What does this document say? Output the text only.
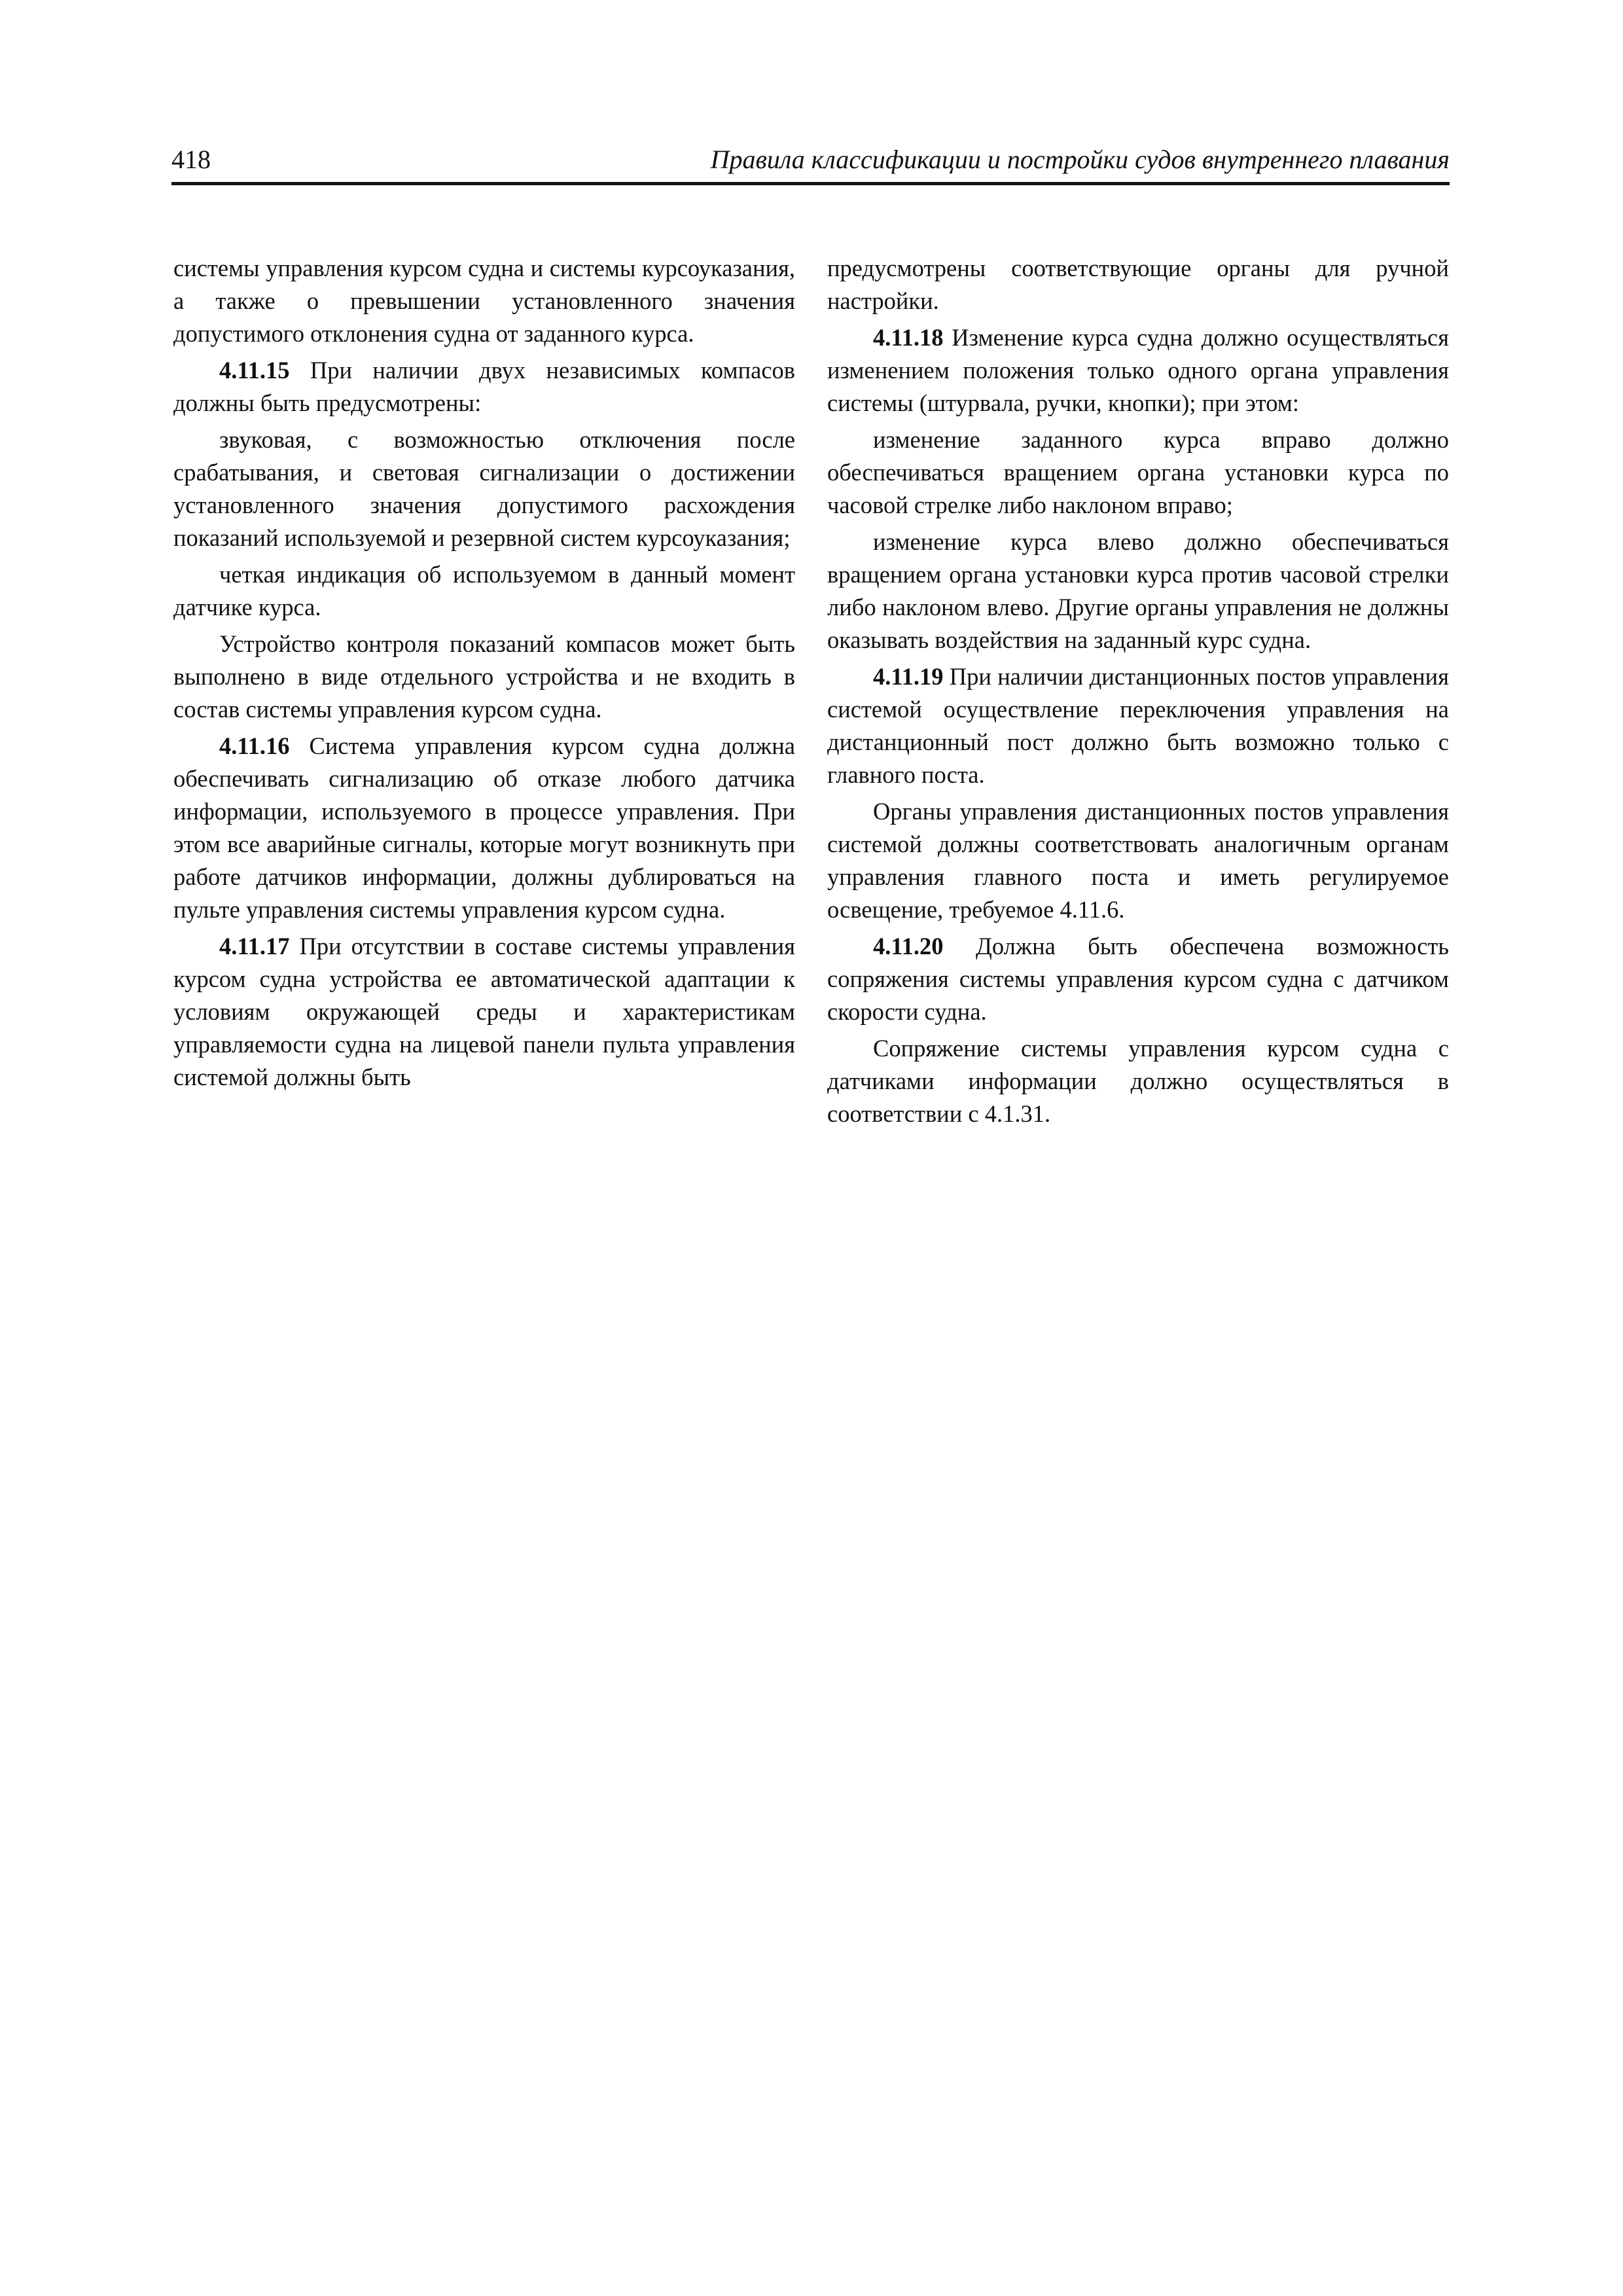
418	Правила классификации и постройки судов внутреннего плавания

системы управления курсом судна и системы курсоуказания, а также о превышении установленного значения допустимого отклонения судна от заданного курса.

4.11.15 При наличии двух независимых компасов должны быть предусмотрены:

звуковая, с возможностью отключения после срабатывания, и световая сигнализации о достижении установленного значения допустимого расхождения показаний используемой и резервной систем курсоуказания;

четкая индикация об используемом в данный момент датчике курса.

Устройство контроля показаний компасов может быть выполнено в виде отдельного устройства и не входить в состав системы управления курсом судна.

4.11.16 Система управления курсом судна должна обеспечивать сигнализацию об отказе любого датчика информации, используемого в процессе управления. При этом все аварийные сигналы, которые могут возникнуть при работе датчиков информации, должны дублироваться на пульте управления системы управления курсом судна.

4.11.17 При отсутствии в составе системы управления курсом судна устройства ее автоматической адаптации к условиям окружающей среды и характеристикам управляемости судна на лицевой панели пульта управления системой должны быть

предусмотрены соответствующие органы для ручной настройки.

4.11.18 Изменение курса судна должно осуществляться изменением положения только одного органа управления системы (штурвала, ручки, кнопки); при этом:

изменение заданного курса вправо должно обеспечиваться вращением органа установки курса по часовой стрелке либо наклоном вправо;

изменение курса влево должно обеспечиваться вращением органа установки курса против часовой стрелки либо наклоном влево. Другие органы управления не должны оказывать воздействия на заданный курс судна.

4.11.19 При наличии дистанционных постов управления системой осуществление переключения управления на дистанционный пост должно быть возможно только с главного поста.

Органы управления дистанционных постов управления системой должны соответствовать аналогичным органам управления главного поста и иметь регулируемое освещение, требуемое 4.11.6.

4.11.20 Должна быть обеспечена возможность сопряжения системы управления курсом судна с датчиком скорости судна.

Сопряжение системы управления курсом судна с датчиками информации должно осуществляться в соответствии с 4.1.31.
